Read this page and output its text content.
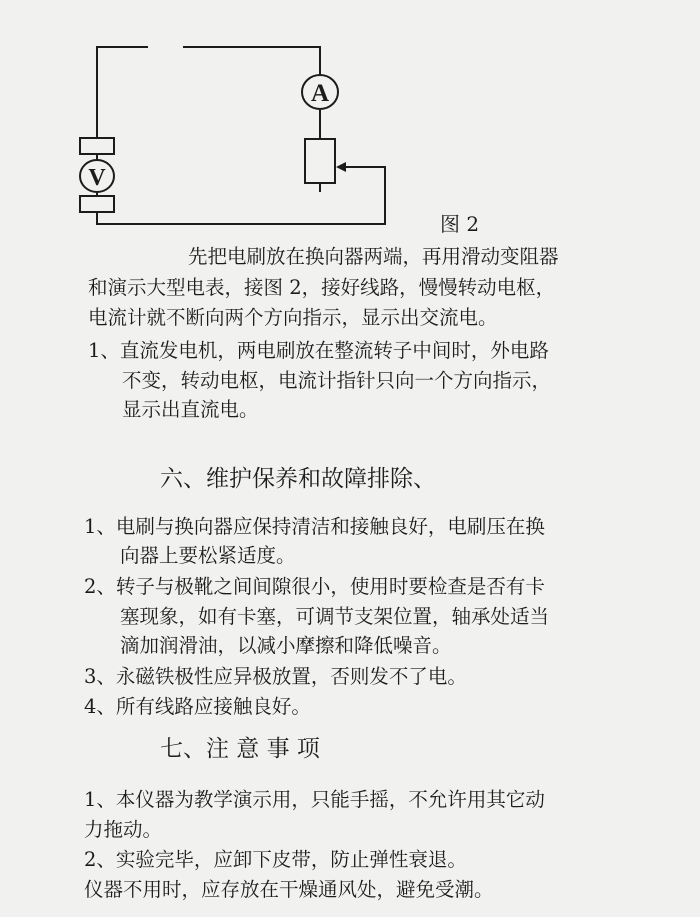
V
A
图 2
先把电刷放在换向器两端，再用滑动变阻器
和演示大型电表，接图 2，接好线路，慢慢转动电枢，
电流计就不断向两个方向指示，显示出交流电。
1、直流发电机，两电刷放在整流转子中间时，外电路
不变，转动电枢，电流计指针只向一个方向指示，
显示出直流电。
六、维护保养和故障排除、
1、电刷与换向器应保持清洁和接触良好，电刷压在换
向器上要松紧适度。
2、转子与极靴之间间隙很小，使用时要检查是否有卡
塞现象，如有卡塞，可调节支架位置，轴承处适当
滴加润滑油，以减小摩擦和降低噪音。
3、永磁铁极性应异极放置，否则发不了电。
4、所有线路应接触良好。
七、注 意 事 项
1、本仪器为教学演示用，只能手摇，不允许用其它动
力拖动。
2、实验完毕，应卸下皮带，防止弹性衰退。
仪器不用时，应存放在干燥通风处，避免受潮。
